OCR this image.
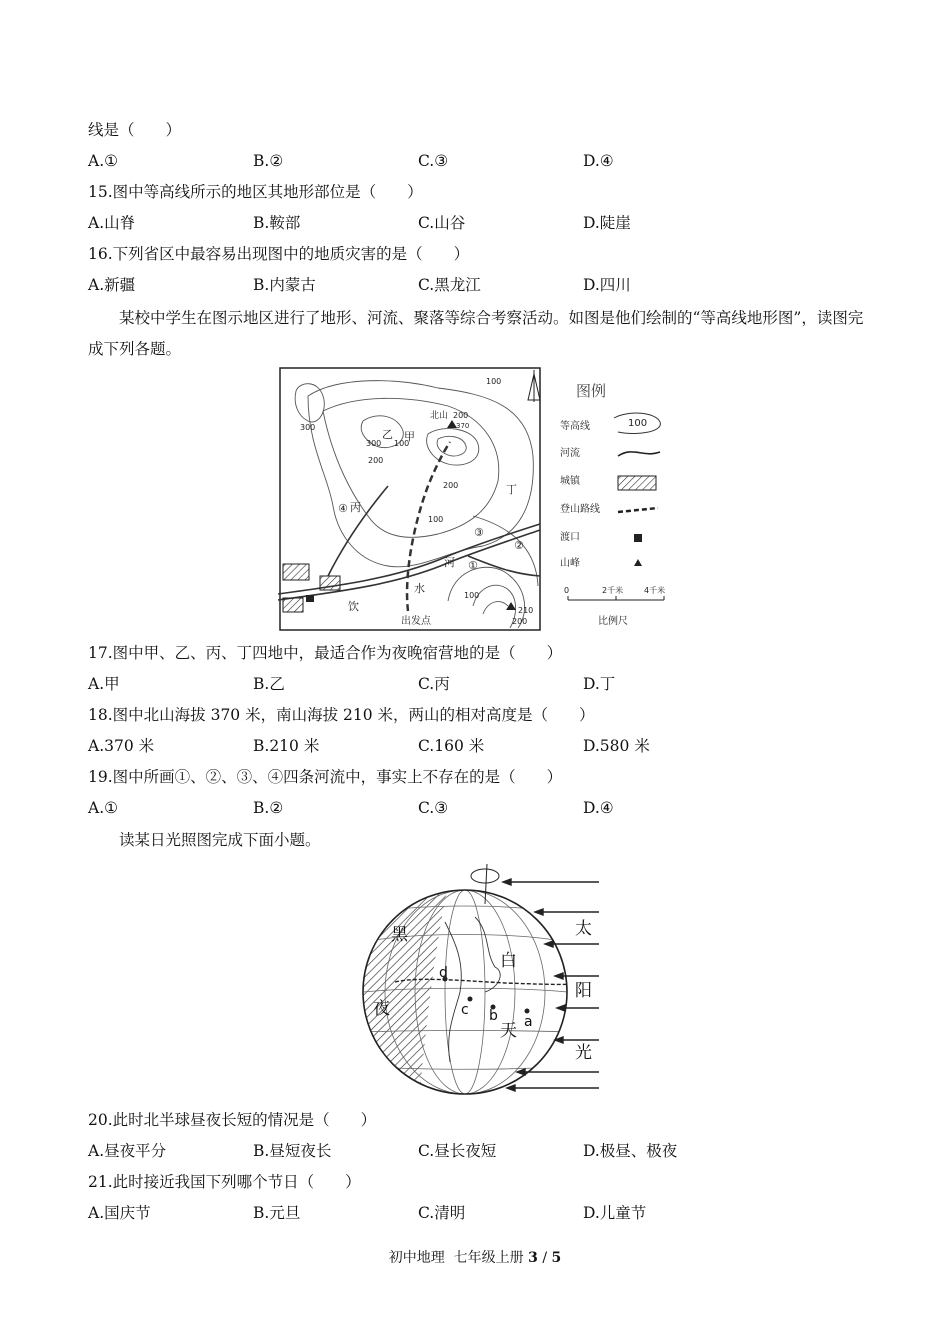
线是（　　）
A.①	B.②	C.③	D.④
15.图中等高线所示的地区其地形部位是（　　）
A.山脊	B.鞍部	C.山谷	D.陡崖
16.下列省区中最容易出现图中的地质灾害的是（　　）
A.新疆	B.内蒙古	C.黑龙江	D.四川
某校中学生在图示地区进行了地形、河流、聚落等综合考察活动。如图是他们绘制的“等高线地形图”，读图完成下列各题。
100
200
300
300
200
100
200
100
100
200
甲
乙
丙
丁
北山
370
210
③
②
①
④
河
水
饮
出发点
图例
等高线	100
河流
城镇
登山路线
渡口
山峰
0	2千米	4千米
比例尺
17.图中甲、乙、丙、丁四地中，最适合作为夜晚宿营地的是（　　）
A.甲	B.乙	C.丙	D.丁
18.图中北山海拔 370 米，南山海拔 210 米，两山的相对高度是（　　）
A.370 米	B.210 米	C.160 米	D.580 米
19.图中所画①、②、③、④四条河流中，事实上不存在的是（　　）
A.①	B.②	C.③	D.④
读某日光照图完成下面小题。
a
b
c
d
黑
夜
白
天
太
阳
光
20.此时北半球昼夜长短的情况是（　　）
A.昼夜平分	B.昼短夜长	C.昼长夜短	D.极昼、极夜
21.此时接近我国下列哪个节日（　　）
A.国庆节	B.元旦	C.清明	D.儿童节
初中地理 七年级上册 3 / 5
